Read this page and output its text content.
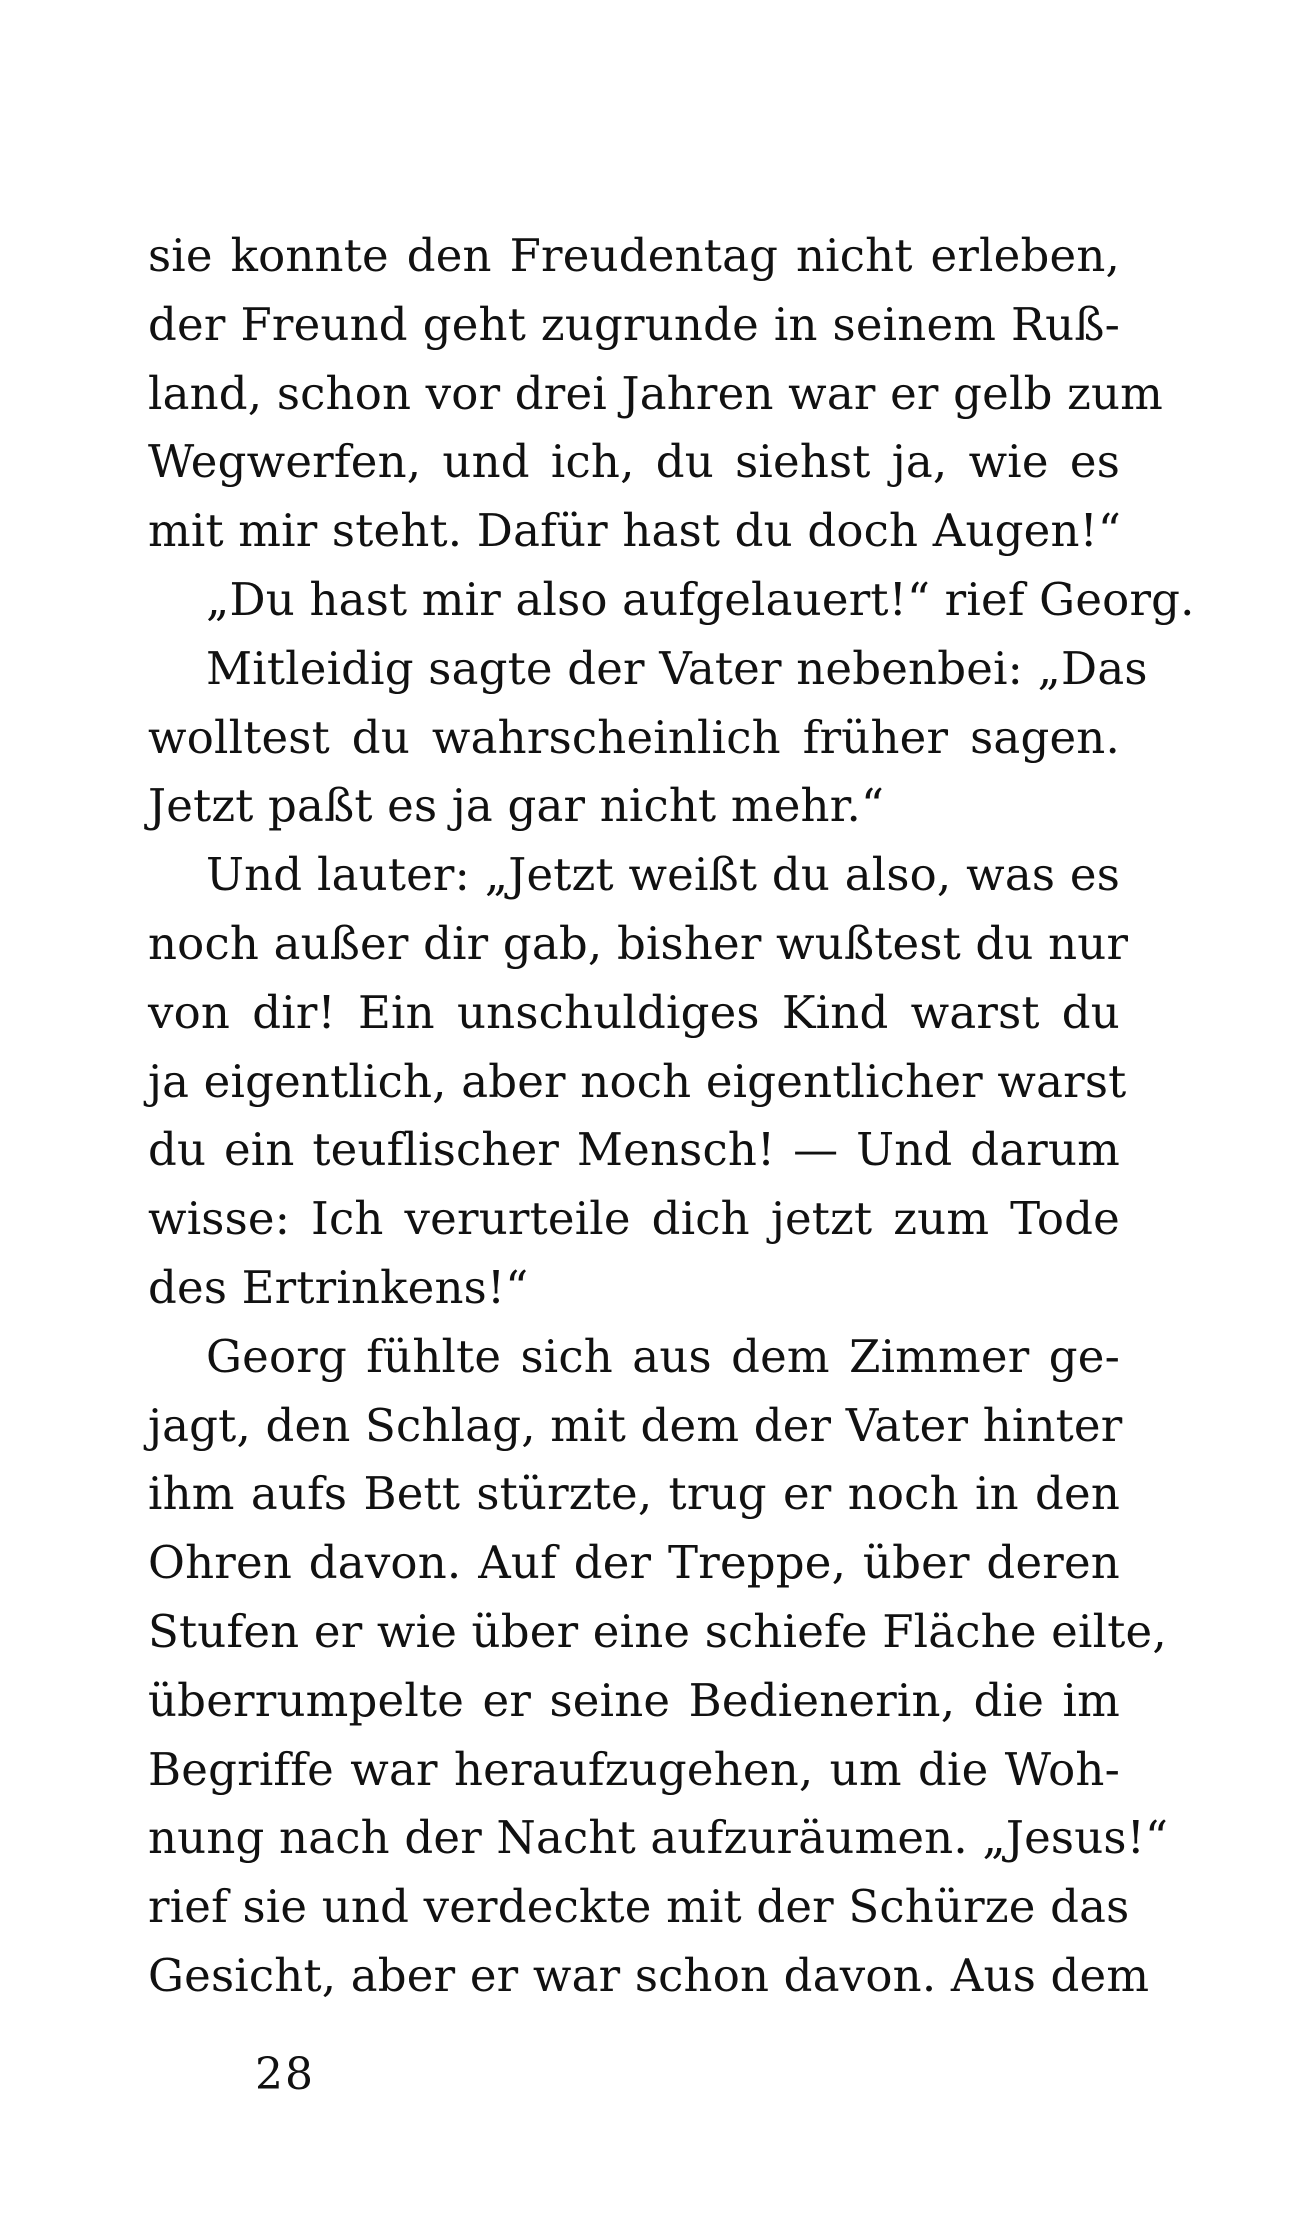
sie konnte den Freudentag nicht erleben,
der Freund geht zugrunde in seinem Ruß-
land, schon vor drei Jahren war er gelb zum
Wegwerfen, und ich, du siehst ja, wie es
mit mir steht. Dafür hast du doch Augen!“
„Du hast mir also aufgelauert!“ rief Georg.
Mitleidig sagte der Vater nebenbei: „Das
wolltest du wahrscheinlich früher sagen.
Jetzt paßt es ja gar nicht mehr.“
Und lauter: „Jetzt weißt du also, was es
noch außer dir gab, bisher wußtest du nur
von dir! Ein unschuldiges Kind warst du
ja eigentlich, aber noch eigentlicher warst
du ein teuflischer Mensch! — Und darum
wisse: Ich verurteile dich jetzt zum Tode
des Ertrinkens!“
Georg fühlte sich aus dem Zimmer ge-
jagt, den Schlag, mit dem der Vater hinter
ihm aufs Bett stürzte, trug er noch in den
Ohren davon. Auf der Treppe, über deren
Stufen er wie über eine schiefe Fläche eilte,
überrumpelte er seine Bedienerin, die im
Begriffe war heraufzugehen, um die Woh-
nung nach der Nacht aufzuräumen. „Jesus!“
rief sie und verdeckte mit der Schürze das
Gesicht, aber er war schon davon. Aus dem
28
